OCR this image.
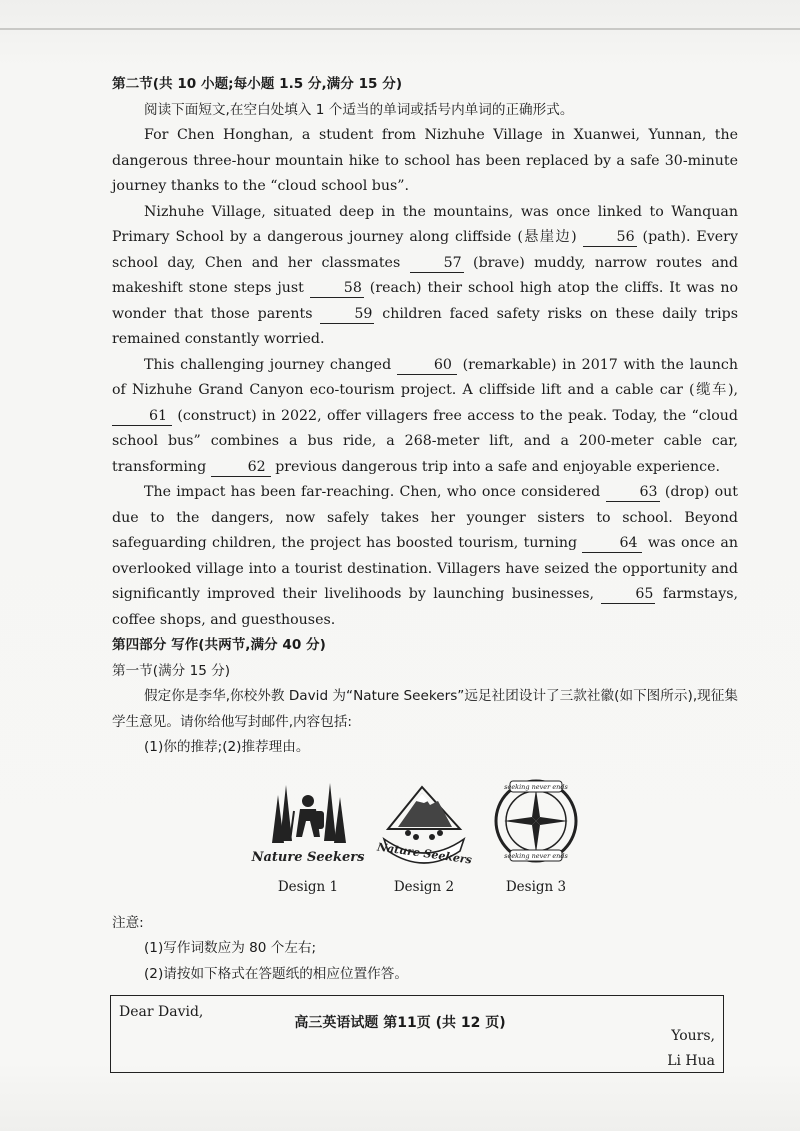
第二节(共 10 小题;每小题 1.5 分,满分 15 分)

阅读下面短文,在空白处填入 1 个适当的单词或括号内单词的正确形式。

For Chen Honghan, a student from Nizhuhe Village in Xuanwei, Yunnan, the dangerous three-hour mountain hike to school has been replaced by a safe 30-minute journey thanks to the “cloud school bus”.

Nizhuhe Village, situated deep in the mountains, was once linked to Wanquan Primary School by a dangerous journey along cliffside (悬崖边)	56 (path). Every school day, Chen and her classmates	57 (brave) muddy, narrow routes and makeshift stone steps just	58 (reach) their school high atop the cliffs. It was no wonder that those parents	59 children faced safety risks on these daily trips remained constantly worried.

This challenging journey changed	60 (remarkable) in 2017 with the launch of Nizhuhe Grand Canyon eco-tourism project. A cliffside lift and a cable car (缆车), 61 (construct) in 2022, offer villagers free access to the peak. Today, the “cloud school bus” combines a bus ride, a 268-meter lift, and a 200-meter cable car, transforming	62 previous dangerous trip into a safe and enjoyable experience.

The impact has been far-reaching. Chen, who once considered	63 (drop) out due to the dangers, now safely takes her younger sisters to school. Beyond safeguarding children, the project has boosted tourism, turning	64 was once an overlooked village into a tourist destination. Villagers have seized the opportunity and significantly improved their livelihoods by launching businesses,	65 farmstays, coffee shops, and guesthouses.

第四部分 写作(共两节,满分 40 分)

第一节(满分 15 分)

假定你是李华,你校外教 David 为“Nature Seekers”远足社团设计了三款社徽(如下图所示),现征集学生意见。请你给他写封邮件,内容包括:

(1)你的推荐;(2)推荐理由。

Nature Seekers
Design 1
Nature Seekers
Design 2
seeking never ends
seeking never ends
Design 3

注意:

(1)写作词数应为 80 个左右;

(2)请按如下格式在答题纸的相应位置作答。

Dear David,
Yours,
Li Hua
高三英语试题 第11页 (共 12 页)
